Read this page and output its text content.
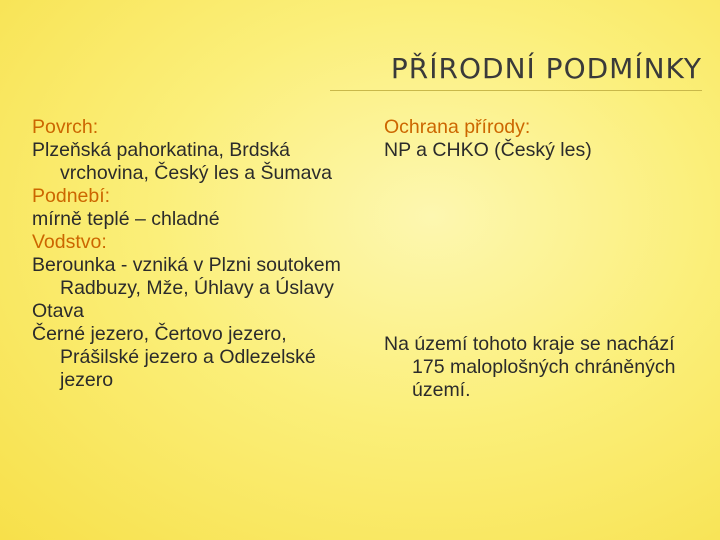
PŘÍRODNÍ PODMÍNKY

Povrch:

Plzeňská pahorkatina, Brdská vrchovina, Český les a Šumava

Podnebí:

mírně teplé – chladné

Vodstvo:

Berounka - vzniká v Plzni soutokem Radbuzy, Mže, Úhlavy a Úslavy

Otava

Černé jezero, Čertovo jezero, Prášilské jezero a Odlezelské jezero

Ochrana přírody:

NP a CHKO (Český les)

Na území tohoto kraje se nachází 175 maloplošných chráněných území.
